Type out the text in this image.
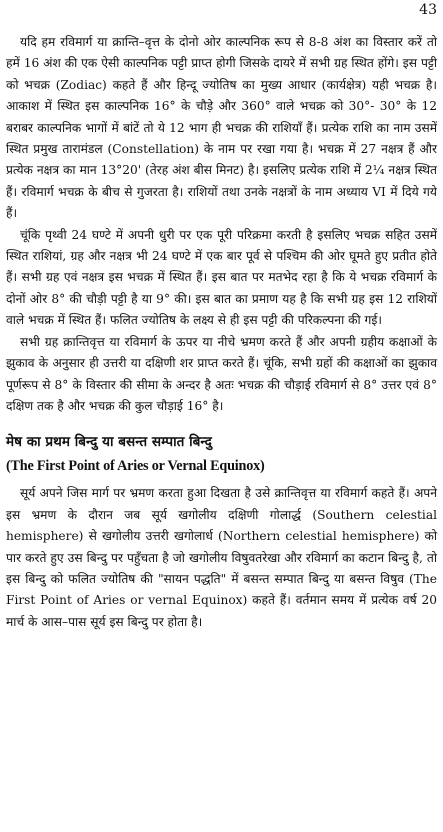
43

यदि हम रविमार्ग या क्रान्ति–वृत्त के दोनो ओर काल्पनिक रूप से 8-8 अंश का विस्तार करें तो हमें 16 अंश की एक ऐसी काल्पनिक पट्टी प्राप्त होगी जिसके दायरे में सभी ग्रह स्थित होंगे। इस पट्टी को भचक्र (Zodiac) कहते हैं और हिन्दू ज्योतिष का मुख्य आधार (कार्यक्षेत्र) यही भचक्र है। आकाश में स्थित इस काल्पनिक 16° के चौड़े और 360° वाले भचक्र को 30°- 30° के 12 बराबर काल्पनिक भागों में बांटें तो ये 12 भाग ही भचक्र की राशियाँ हैं। प्रत्येक राशि का नाम उसमें स्थित प्रमुख तारामंडल (Constellation) के नाम पर रखा गया है। भचक्र में 27 नक्षत्र हैं और प्रत्येक नक्षत्र का मान 13°20' (तेरह अंश बीस मिनट) है। इसलिए प्रत्येक राशि में 2¼ नक्षत्र स्थित हैं। रविमार्ग भचक्र के बीच से गुजरता है। राशियों तथा उनके नक्षत्रों के नाम अध्याय VI में दिये गये हैं।

चूंकि पृथ्वी 24 घण्टे में अपनी धुरी पर एक पूरी परिक्रमा करती है इसलिए भचक्र सहित उसमें स्थित राशियां, ग्रह और नक्षत्र भी 24 घण्टे में एक बार पूर्व से पश्चिम की ओर घूमते हुए प्रतीत होते हैं। सभी ग्रह एवं नक्षत्र इस भचक्र में स्थित हैं। इस बात पर मतभेद रहा है कि ये भचक्र रविमार्ग के दोनों ओर 8° की चौड़ी पट्टी है या 9° की। इस बात का प्रमाण यह है कि सभी ग्रह इस 12 राशियों वाले भचक्र में स्थित हैं। फलित ज्योतिष के लक्ष्य से ही इस पट्टी की परिकल्पना की गई।

सभी ग्रह क्रान्तिवृत्त या रविमार्ग के ऊपर या नीचे भ्रमण करते हैं और अपनी ग्रहीय कक्षाओं के झुकाव के अनुसार ही उत्तरी या दक्षिणी शर प्राप्त करते हैं। चूंकि, सभी ग्रहों की कक्षाओं का झुकाव पूर्णरूप से 8° के विस्तार की सीमा के अन्दर है अतः भचक्र की चौड़ाई रविमार्ग से 8° उत्तर एवं 8° दक्षिण तक है और भचक्र की कुल चौड़ाई 16° है।

मेष का प्रथम बिन्दु या बसन्त सम्पात बिन्दु
(The First Point of Aries or Vernal Equinox)

सूर्य अपने जिस मार्ग पर भ्रमण करता हुआ दिखता है उसे क्रान्तिवृत्त या रविमार्ग कहते हैं। अपने इस भ्रमण के दौरान जब सूर्य खगोलीय दक्षिणी गोलार्द्ध (Southern celestial hemisphere) से खगोलीय उत्तरी खगोलार्ध (Northern celestial hemisphere) को पार करते हुए उस बिन्दु पर पहुँचता है जो खगोलीय विषुवतरेखा और रविमार्ग का कटान बिन्दु है, तो इस बिन्दु को फलित ज्योतिष की "सायन पद्धति" में बसन्त सम्पात बिन्दु या बसन्त विषुव (The First Point of Aries or vernal Equinox) कहते हैं। वर्तमान समय में प्रत्येक वर्ष 20 मार्च के आस–पास सूर्य इस बिन्दु पर होता है।
